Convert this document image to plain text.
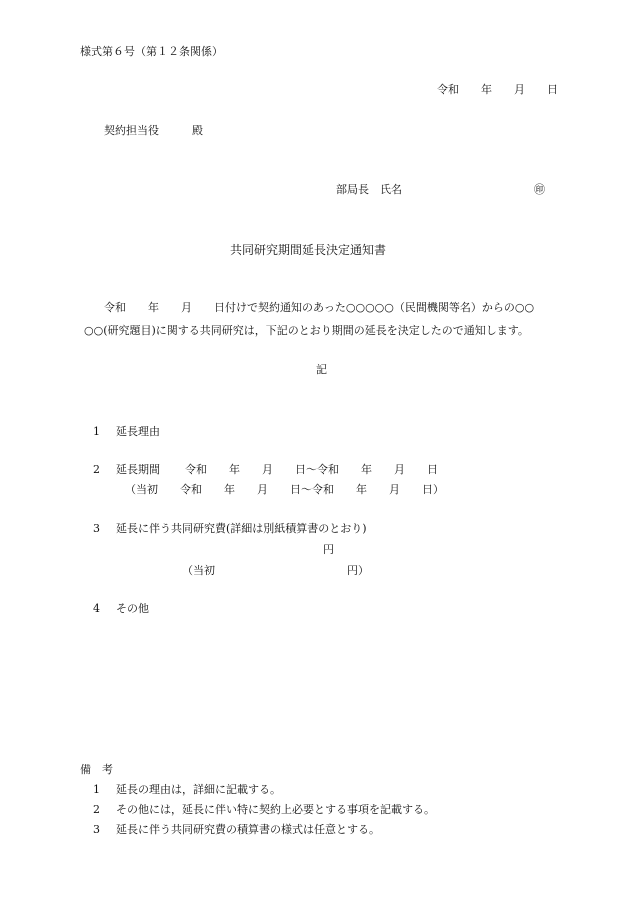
様式第６号（第１２条関係）
令和　　年　　月　　日
契約担当役　　　殿
部局長　氏名	㊞
共同研究期間延長決定通知書
令和　　年　　月　　日付けで契約通知のあった○○○○○（民間機関等名）からの○○
○○(研究題目)に関する共同研究は，下記のとおり期間の延長を決定したので通知します。
記
1 延長理由
2 延長期間 令和　　年　　月　　日～令和　　年　　月　　日
（当初　　令和　　年　　月　　日～令和　　年　　月　　日）
3 延長に伴う共同研究費(詳細は別紙積算書のとおり)
円
（当初　　　　　　　　　　　　円）
4 その他
備　考
1 延長の理由は，詳細に記載する。
2 その他には，延長に伴い特に契約上必要とする事項を記載する。
3 延長に伴う共同研究費の積算書の様式は任意とする。
